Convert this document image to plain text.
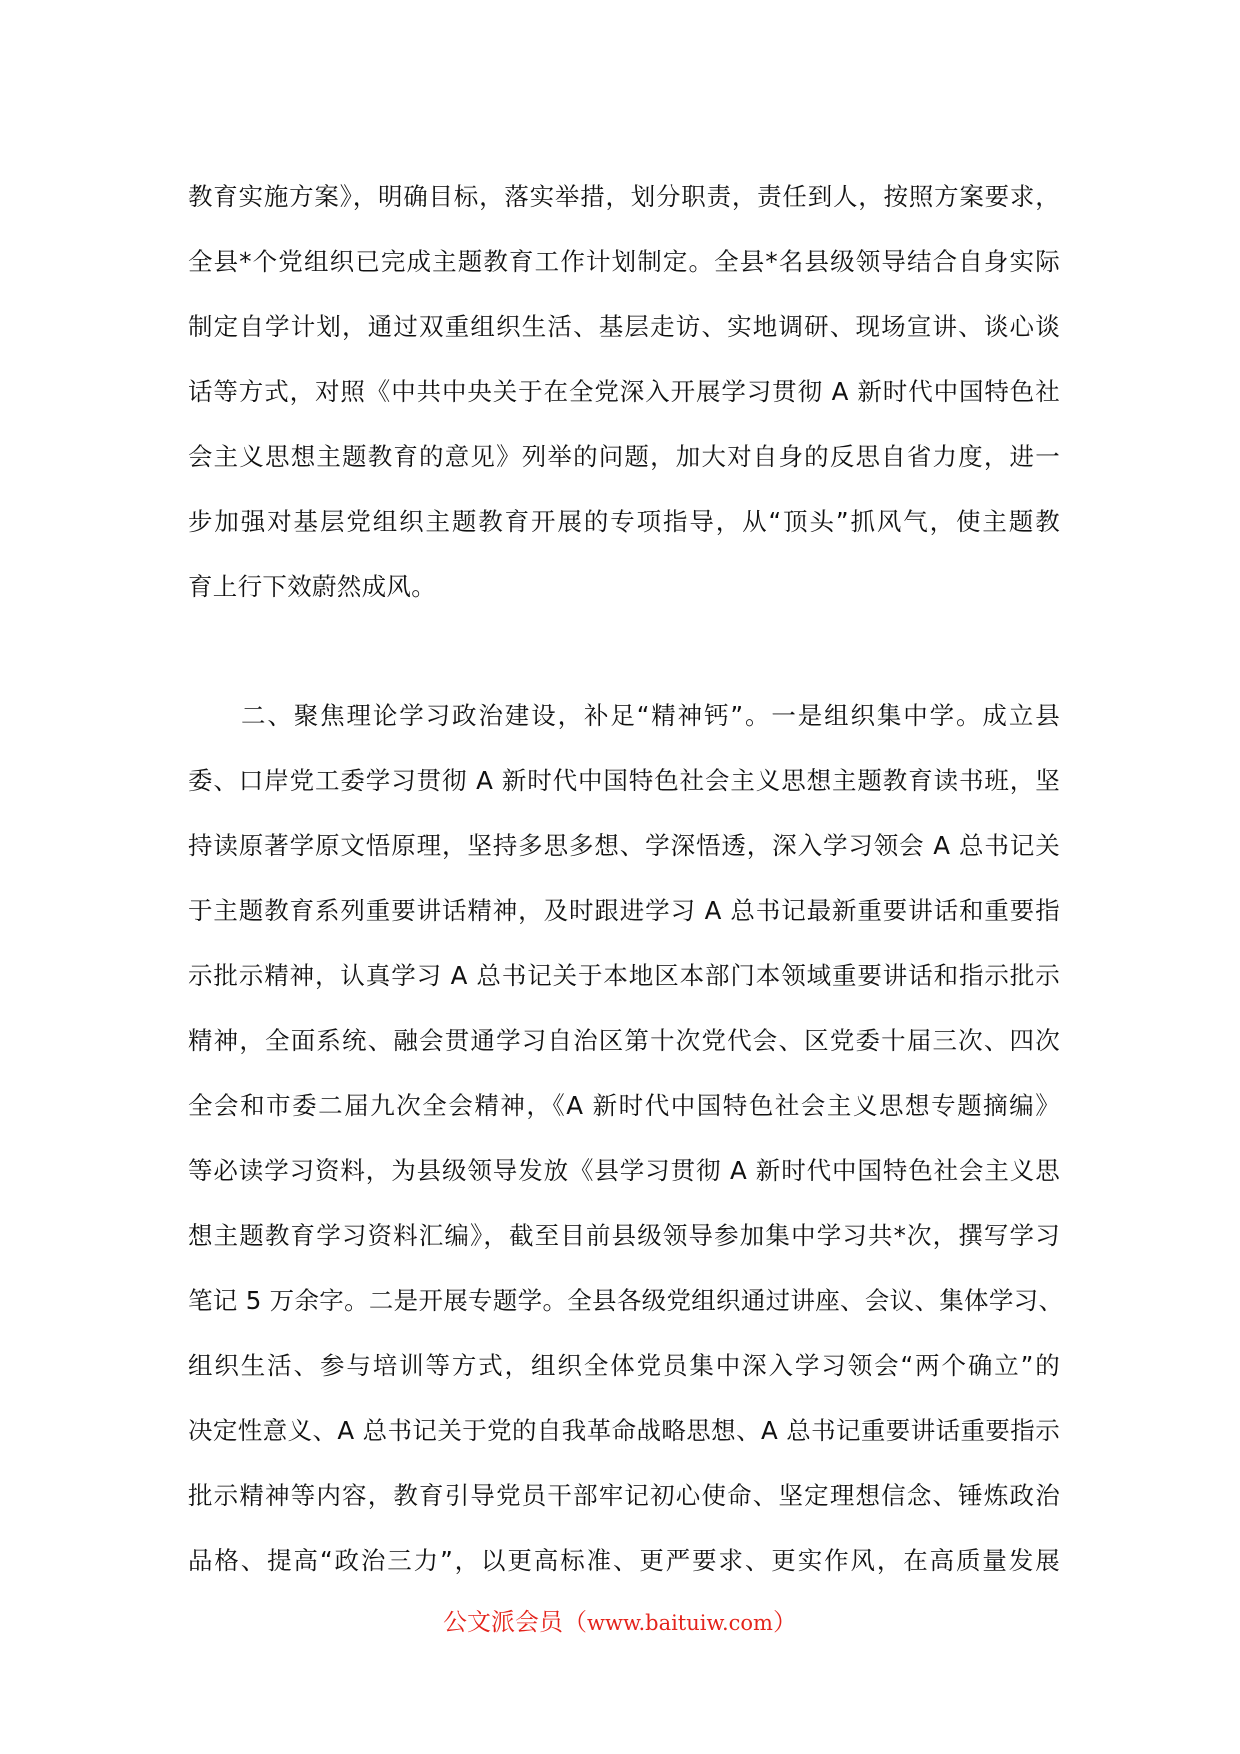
教育实施方案》，明确目标，落实举措，划分职责，责任到人，按照方案要求，
全县*个党组织已完成主题教育工作计划制定。全县*名县级领导结合自身实际
制定自学计划，通过双重组织生活、基层走访、实地调研、现场宣讲、谈心谈
话等方式，对照《中共中央关于在全党深入开展学习贯彻 A 新时代中国特色社
会主义思想主题教育的意见》列举的问题，加大对自身的反思自省力度，进一
步加强对基层党组织主题教育开展的专项指导，从“顶头”抓风气，使主题教
育上行下效蔚然成风。
二、聚焦理论学习政治建设，补足“精神钙”。一是组织集中学。成立县
委、口岸党工委学习贯彻 A 新时代中国特色社会主义思想主题教育读书班，坚
持读原著学原文悟原理，坚持多思多想、学深悟透，深入学习领会 A 总书记关
于主题教育系列重要讲话精神，及时跟进学习 A 总书记最新重要讲话和重要指
示批示精神，认真学习 A 总书记关于本地区本部门本领域重要讲话和指示批示
精神，全面系统、融会贯通学习自治区第十次党代会、区党委十届三次、四次
全会和市委二届九次全会精神，《A 新时代中国特色社会主义思想专题摘编》
等必读学习资料，为县级领导发放《县学习贯彻 A 新时代中国特色社会主义思
想主题教育学习资料汇编》，截至目前县级领导参加集中学习共*次，撰写学习
笔记 5 万余字。二是开展专题学。全县各级党组织通过讲座、会议、集体学习、
组织生活、参与培训等方式，组织全体党员集中深入学习领会“两个确立”的
决定性意义、A 总书记关于党的自我革命战略思想、A 总书记重要讲话重要指示
批示精神等内容，教育引导党员干部牢记初心使命、坚定理想信念、锤炼政治
品格、提高“政治三力”，以更高标准、更严要求、更实作风，在高质量发展
公文派会员（www.baituiw.com）
